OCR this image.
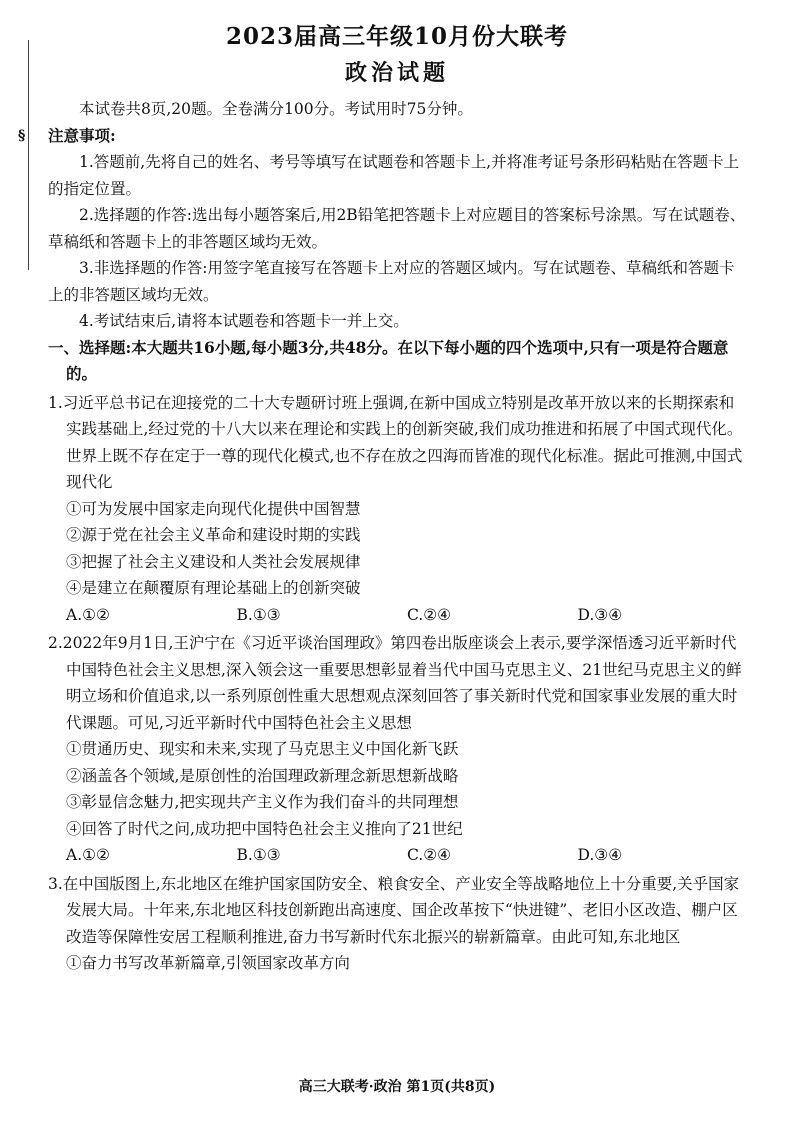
§
2023届高三年级10月份大联考
政治试题

本试卷共8页,20题。全卷满分100分。考试用时75分钟。

注意事项:

1.答题前,先将自己的姓名、考号等填写在试题卷和答题卡上,并将准考证号条形码粘贴在答题卡上的指定位置。

2.选择题的作答:选出每小题答案后,用2B铅笔把答题卡上对应题目的答案标号涂黑。写在试题卷、草稿纸和答题卡上的非答题区域均无效。

3.非选择题的作答:用签字笔直接写在答题卡上对应的答题区域内。写在试题卷、草稿纸和答题卡上的非答题区域均无效。

4.考试结束后,请将本试题卷和答题卡一并上交。

一、选择题:本大题共16小题,每小题3分,共48分。在以下每小题的四个选项中,只有一项是符合题意的。

1.习近平总书记在迎接党的二十大专题研讨班上强调,在新中国成立特别是改革开放以来的长期探索和实践基础上,经过党的十八大以来在理论和实践上的创新突破,我们成功推进和拓展了中国式现代化。世界上既不存在定于一尊的现代化模式,也不存在放之四海而皆准的现代化标准。据此可推测,中国式现代化

①可为发展中国家走向现代化提供中国智慧

②源于党在社会主义革命和建设时期的实践

③把握了社会主义建设和人类社会发展规律

④是建立在颠覆原有理论基础上的创新突破

A.①②	B.①③	C.②④	D.③④

2.2022年9月1日,王沪宁在《习近平谈治国理政》第四卷出版座谈会上表示,要学深悟透习近平新时代中国特色社会主义思想,深入领会这一重要思想彰显着当代中国马克思主义、21世纪马克思主义的鲜明立场和价值追求,以一系列原创性重大思想观点深刻回答了事关新时代党和国家事业发展的重大时代课题。可见,习近平新时代中国特色社会主义思想

①贯通历史、现实和未来,实现了马克思主义中国化新飞跃

②涵盖各个领域,是原创性的治国理政新理念新思想新战略

③彰显信念魅力,把实现共产主义作为我们奋斗的共同理想

④回答了时代之问,成功把中国特色社会主义推向了21世纪

A.①②	B.①③	C.②④	D.③④

3.在中国版图上,东北地区在维护国家国防安全、粮食安全、产业安全等战略地位上十分重要,关乎国家发展大局。十年来,东北地区科技创新跑出高速度、国企改革按下“快进键”、老旧小区改造、棚户区改造等保障性安居工程顺利推进,奋力书写新时代东北振兴的崭新篇章。由此可知,东北地区

①奋力书写改革新篇章,引领国家改革方向

高三大联考·政治 第1页(共8页)
